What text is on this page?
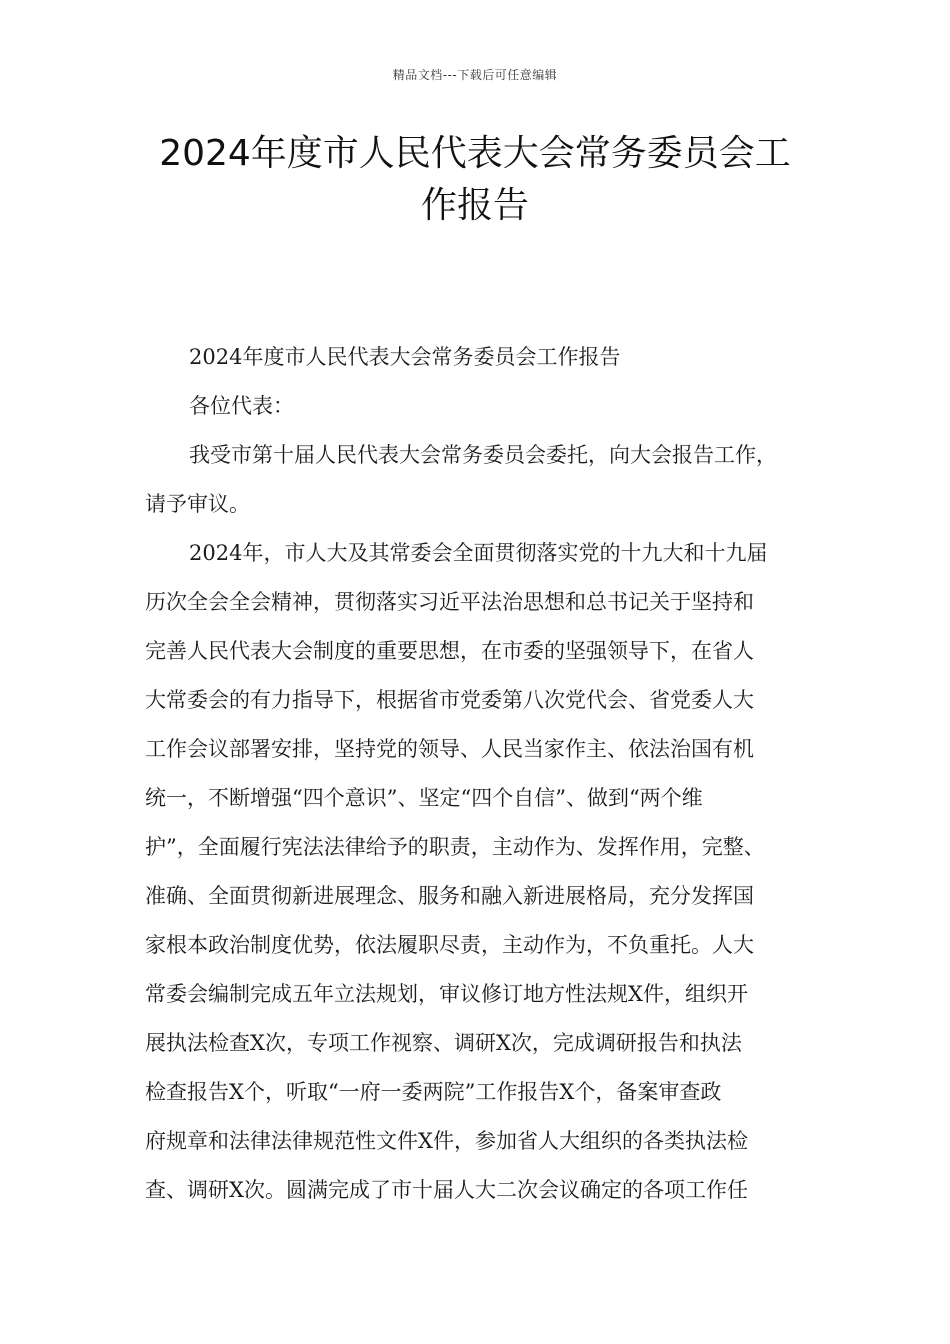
精品文档---下载后可任意编辑
2024年度市人民代表大会常务委员会工
作报告
2024年度市人民代表大会常务委员会工作报告
各位代表：
我受市第十届人民代表大会常务委员会委托，向大会报告工作，
请予审议。
2024年，市人大及其常委会全面贯彻落实党的十九大和十九届
历次全会全会精神，贯彻落实习近平法治思想和总书记关于坚持和
完善人民代表大会制度的重要思想，在市委的坚强领导下，在省人
大常委会的有力指导下，根据省市党委第八次党代会、省党委人大
工作会议部署安排，坚持党的领导、人民当家作主、依法治国有机
统一，不断增强“四个意识”、坚定“四个自信”、做到“两个维
护”，全面履行宪法法律给予的职责，主动作为、发挥作用，完整、
准确、全面贯彻新进展理念、服务和融入新进展格局，充分发挥国
家根本政治制度优势，依法履职尽责，主动作为，不负重托。人大
常委会编制完成五年立法规划，审议修订地方性法规X件，组织开
展执法检查X次，专项工作视察、调研X次，完成调研报告和执法
检查报告X个，听取“一府一委两院”工作报告X个，备案审查政
府规章和法律法律规范性文件X件，参加省人大组织的各类执法检
查、调研X次。圆满完成了市十届人大二次会议确定的各项工作任
